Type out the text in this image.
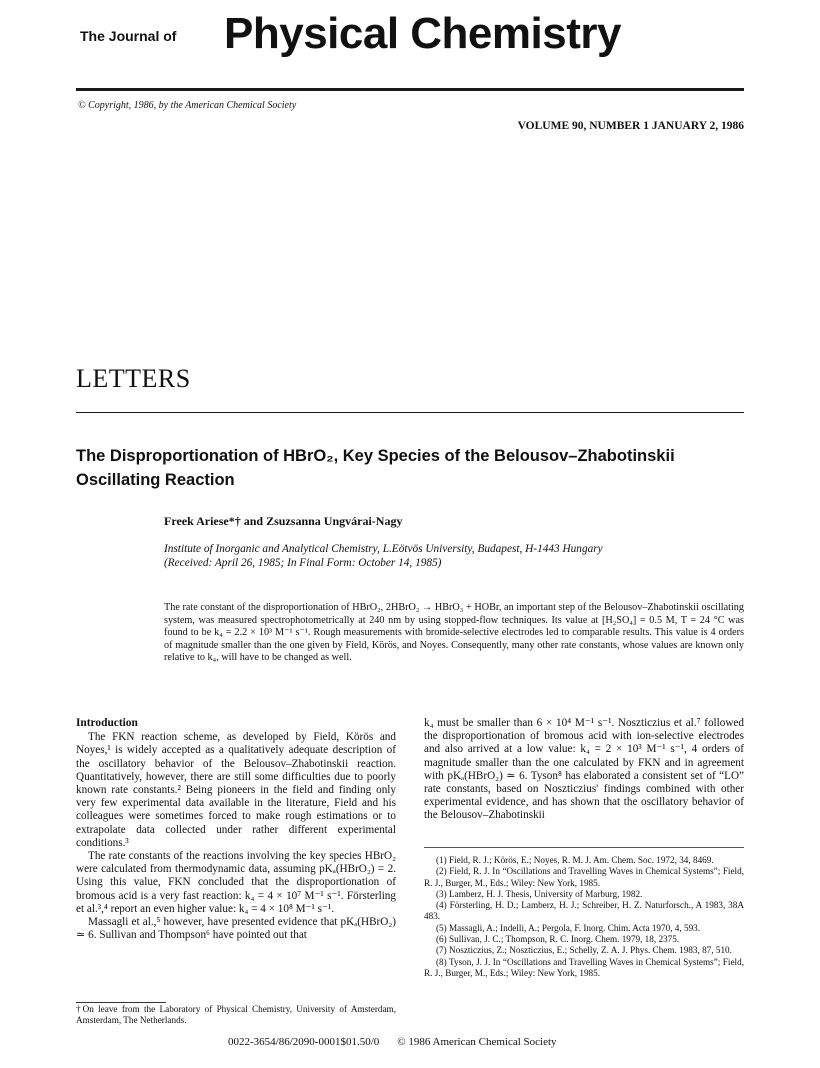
The Journal of Physical Chemistry
© Copyright, 1986, by the American Chemical Society
VOLUME 90, NUMBER 1 JANUARY 2, 1986
LETTERS
The Disproportionation of HBrO₂, Key Species of the Belousov–Zhabotinskii Oscillating Reaction
Freek Ariese*† and Zsuzsanna Ungvárai-Nagy
Institute of Inorganic and Analytical Chemistry, L.Eötvös University, Budapest, H-1443 Hungary
(Received: April 26, 1985; In Final Form: October 14, 1985)
The rate constant of the disproportionation of HBrO₂, 2HBrO₂ → HBrO₃ + HOBr, an important step of the Belousov–Zhabotinskii oscillating system, was measured spectrophotometrically at 240 nm by using stopped-flow techniques. Its value at [H₂SO₄] = 0.5 M, T = 24 °C was found to be k₄ = 2.2 × 10³ M⁻¹ s⁻¹. Rough measurements with bromide-selective electrodes led to comparable results. This value is 4 orders of magnitude smaller than the one given by Field, Körös, and Noyes. Consequently, many other rate constants, whose values are known only relative to k₄, will have to be changed as well.
Introduction

The FKN reaction scheme, as developed by Field, Körös and Noyes,¹ is widely accepted as a qualitatively adequate description of the oscillatory behavior of the Belousov–Zhabotinskii reaction. Quantitatively, however, there are still some difficulties due to poorly known rate constants.² Being pioneers in the field and finding only very few experimental data available in the literature, Field and his colleagues were sometimes forced to make rough estimations or to extrapolate data collected under rather different experimental conditions.³

The rate constants of the reactions involving the key species HBrO₂ were calculated from thermodynamic data, assuming pKₐ(HBrO₂) = 2. Using this value, FKN concluded that the disproportionation of bromous acid is a very fast reaction: k₄ = 4 × 10⁷ M⁻¹ s⁻¹. Försterling et al.³,⁴ report an even higher value: k₄ = 4 × 10⁸ M⁻¹ s⁻¹.

Massagli et al.,⁵ however, have presented evidence that pKₐ(HBrO₂) ≃ 6. Sullivan and Thompson⁶ have pointed out that

†On leave from the Laboratory of Physical Chemistry, University of Amsterdam, Amsterdam, The Netherlands.

k₄ must be smaller than 6 × 10⁴ M⁻¹ s⁻¹. Noszticzius et al.⁷ followed the disproportionation of bromous acid with ion-selective electrodes and also arrived at a low value: k₄ = 2 × 10³ M⁻¹ s⁻¹, 4 orders of magnitude smaller than the one calculated by FKN and in agreement with pKₐ(HBrO₂) ≃ 6. Tyson⁸ has elaborated a consistent set of “LO” rate constants, based on Noszticzius' findings combined with other experimental evidence, and has shown that the oscillatory behavior of the Belousov–Zhabotinskii

(1) Field, R. J.; Körös, E.; Noyes, R. M. J. Am. Chem. Soc. 1972, 34, 8469.

(2) Field, R. J. In “Oscillations and Travelling Waves in Chemical Systems”; Field, R. J., Burger, M., Eds.; Wiley: New York, 1985.

(3) Lamberz, H. J. Thesis, University of Marburg, 1982.

(4) Försterling, H. D.; Lamberz, H. J.; Schreiber, H. Z. Naturforsch., A 1983, 38A 483.

(5) Massagli, A.; Indelli, A.; Pergola, F. Inorg. Chim. Acta 1970, 4, 593.

(6) Sullivan, J. C.; Thompson, R. C. Inorg. Chem. 1979, 18, 2375.

(7) Noszticzius, Z.; Noszticzius, E.; Schelly, Z. A. J. Phys. Chem. 1983, 87, 510.

(8) Tyson, J. J. In “Oscillations and Travelling Waves in Chemical Systems”; Field, R. J., Burger, M., Eds.; Wiley: New York, 1985.

0022-3654/86/2090-0001$01.50/0 © 1986 American Chemical Society
